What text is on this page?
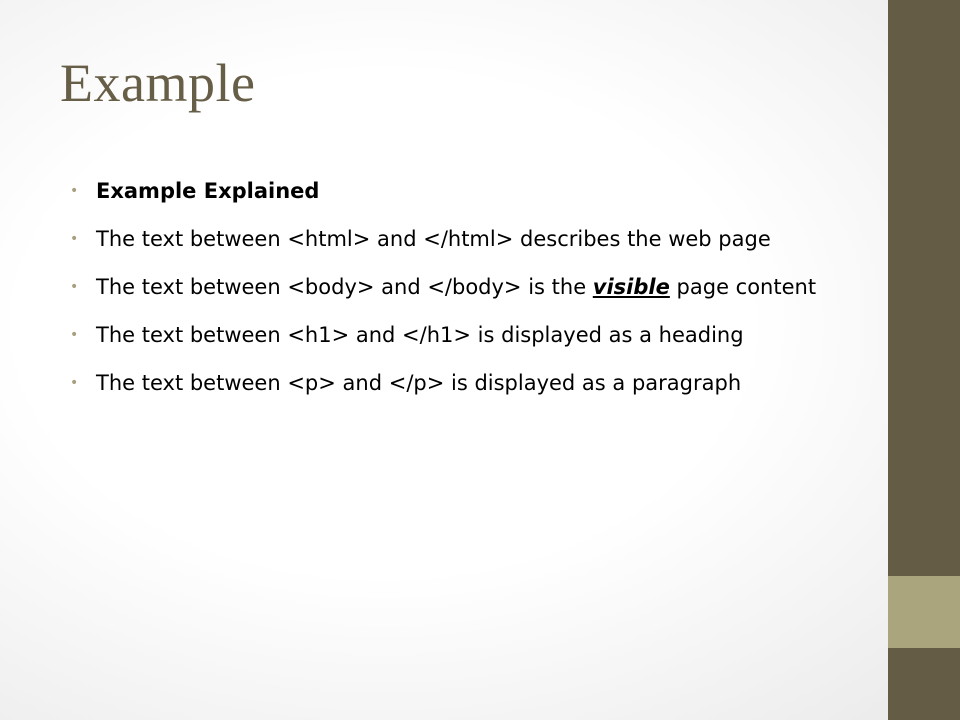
Example
• Example Explained
• The text between <html> and </html> describes the web page
• The text between <body> and </body> is the visible page content
• The text between <h1> and </h1> is displayed as a heading
• The text between <p> and </p> is displayed as a paragraph
